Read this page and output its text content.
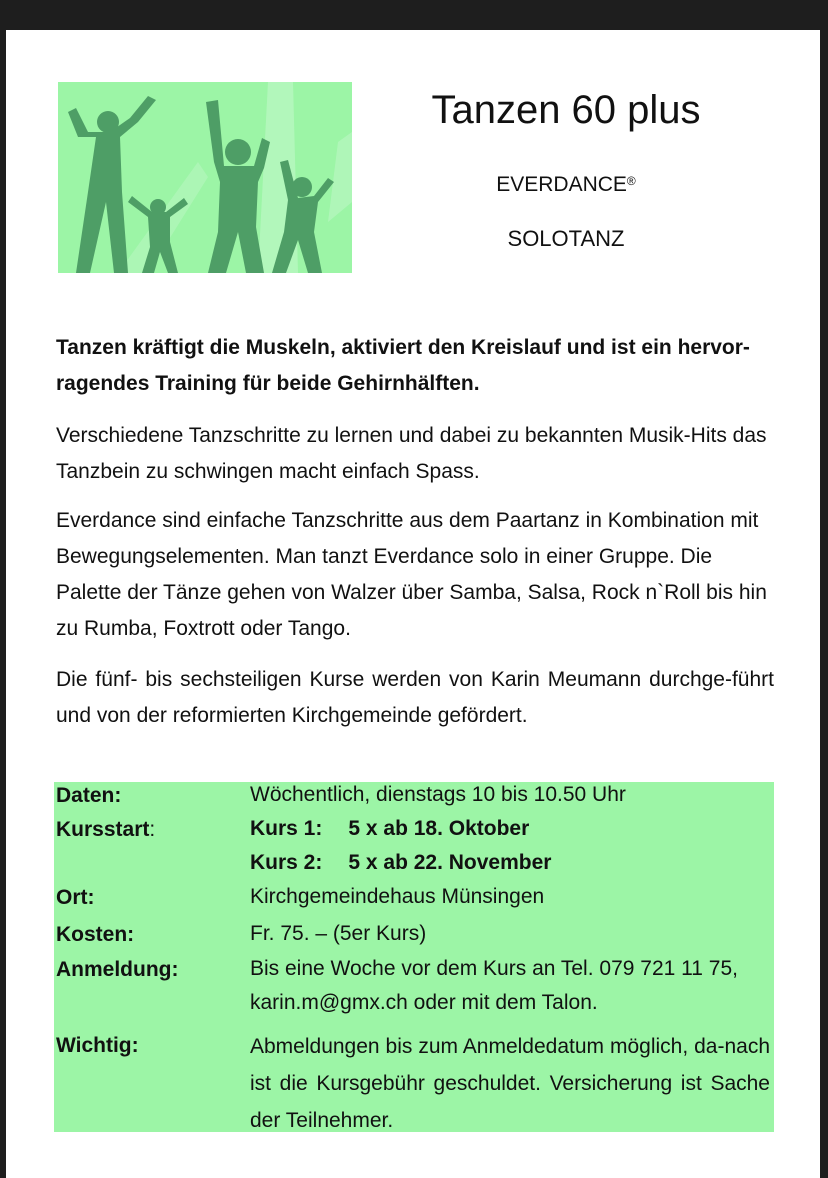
Tanzen 60 plus
EVERDANCE®
SOLOTANZ

Tanzen kräftigt die Muskeln, aktiviert den Kreislauf und ist ein hervor-ragendes Training für beide Gehirnhälften.

Verschiedene Tanzschritte zu lernen und dabei zu bekannten Musik-Hits das Tanzbein zu schwingen macht einfach Spass.

Everdance sind einfache Tanzschritte aus dem Paartanz in Kombination mit Bewegungselementen. Man tanzt Everdance solo in einer Gruppe. Die Palette der Tänze gehen von Walzer über Samba, Salsa, Rock n`Roll bis hin zu Rumba, Foxtrott oder Tango.

Die fünf- bis sechsteiligen Kurse werden von Karin Meumann durchge-führt und von der reformierten Kirchgemeinde gefördert.

Daten:	Wöchentlich, dienstags 10 bis 10.50 Uhr
Kursstart:	Kurs 1: 5 x ab 18. Oktober
Kurs 2: 5 x ab 22. November
Ort:	Kirchgemeindehaus Münsingen
Kosten:	Fr. 75. – (5er Kurs)
Anmeldung:	Bis eine Woche vor dem Kurs an Tel. 079 721 11 75, karin.m@gmx.ch oder mit dem Talon.
Wichtig:	Abmeldungen bis zum Anmeldedatum möglich, da-nach ist die Kursgebühr geschuldet. Versicherung ist Sache der Teilnehmer.
